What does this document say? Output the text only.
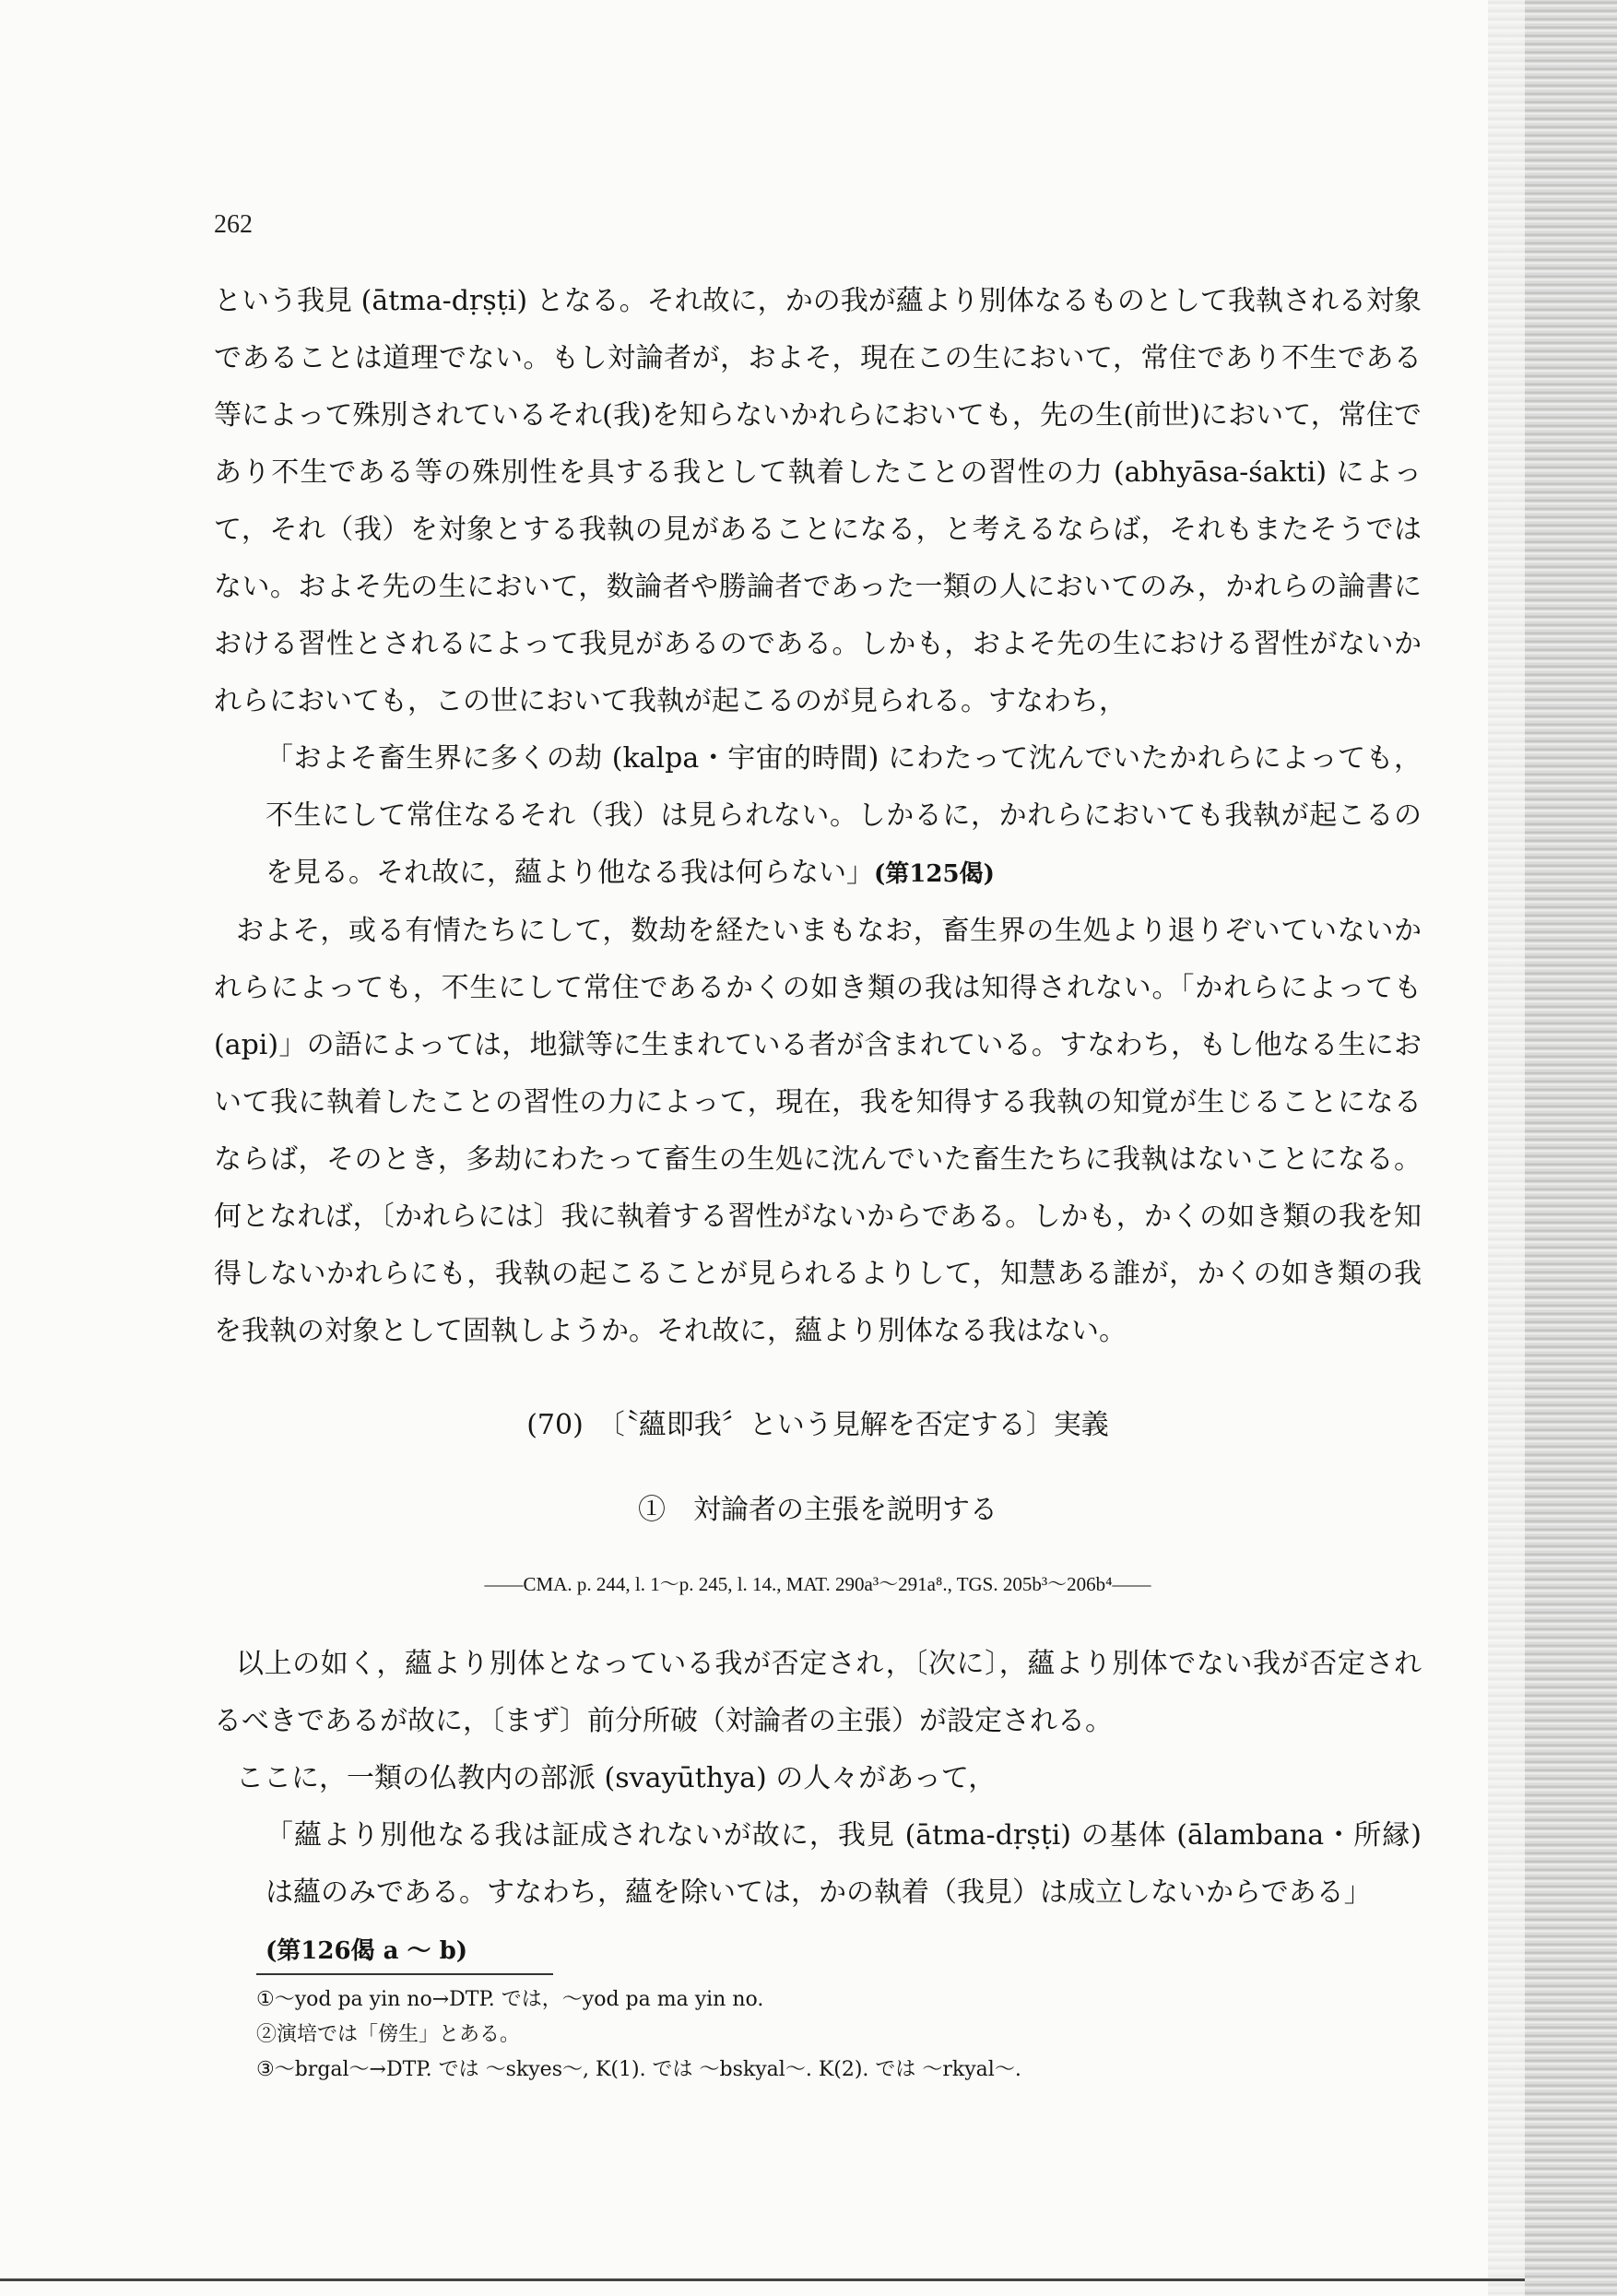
262

という我見 (ātma-dṛṣṭi) となる。それ故に，かの我が蘊より別体なるものとして我執される対象であることは道理でない。もし対論者が，およそ，現在この生において，常住であり不生である等によって殊別されているそれ(我)を知らないかれらにおいても，先の生(前世)において，常住であり不生である等の殊別性を具する我として執着したことの習性の力 (abhyāsa-śakti) によって，それ（我）を対象とする我執の見があることになる，と考えるならば，それもまたそうではない。およそ先の生において，数論者や勝論者であった一類の人においてのみ，かれらの論書における習性とされるによって我見があるのである。しかも，およそ先の生における習性がないかれらにおいても，この世において我執が起こるのが見られる。すなわち，

「およそ畜生界に多くの劫 (kalpa・宇宙的時間) にわたって沈んでいたかれらによっても，不生にして常住なるそれ（我）は見られない。しかるに，かれらにおいても我執が起こるのを見る。それ故に，蘊より他なる我は何らない」(第125偈)

およそ，或る有情たちにして，数劫を経たいまもなお，畜生界の生処より退りぞいていないかれらによっても，不生にして常住であるかくの如き類の我は知得されない。「かれらによっても (api)」の語によっては，地獄等に生まれている者が含まれている。すなわち，もし他なる生において我に執着したことの習性の力によって，現在，我を知得する我執の知覚が生じることになるならば，そのとき，多劫にわたって畜生の生処に沈んでいた畜生たちに我執はないことになる。何となれば，〔かれらには〕我に執着する習性がないからである。しかも，かくの如き類の我を知得しないかれらにも，我執の起こることが見られるよりして，知慧ある誰が，かくの如き類の我を我執の対象として固執しようか。それ故に，蘊より別体なる我はない。

(70)　〔〝蘊即我〞という見解を否定する〕実義
①　対論者の主張を説明する
——CMA. p. 244, l. 1〜p. 245, l. 14., MAT. 290a³〜291a⁸., TGS. 205b³〜206b⁴——

以上の如く，蘊より別体となっている我が否定され，〔次に〕，蘊より別体でない我が否定されるべきであるが故に，〔まず〕前分所破（対論者の主張）が設定される。

ここに，一類の仏教内の部派 (svayūthya) の人々があって，

「蘊より別他なる我は証成されないが故に，我見 (ātma-dṛṣṭi) の基体 (ālambana・所縁) は蘊のみである。すなわち，蘊を除いては，かの執着（我見）は成立しないからである」
(第126偈 a 〜 b)

①〜yod pa yin no→DTP. では，〜yod pa ma yin no.
②演培では「傍生」とある。
③〜brgal〜→DTP. では 〜skyes〜, K(1). では 〜bskyal〜. K(2). では 〜rkyal〜.
